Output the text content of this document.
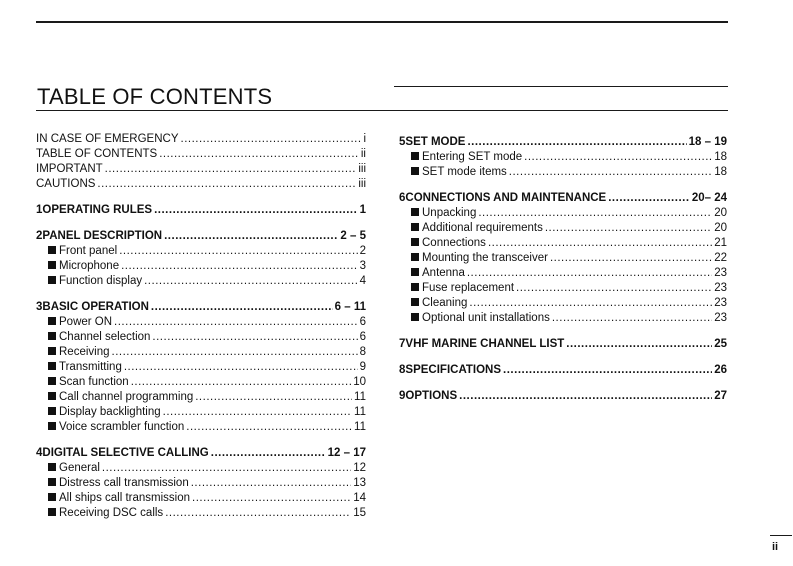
TABLE OF CONTENTS
IN CASE OF EMERGENCY .....	i
TABLE OF CONTENTS .....	ii
IMPORTANT .....	iii
CAUTIONS .....	iii
1 OPERATING RULES .....	1
2 PANEL DESCRIPTION .....	2 – 5
Front panel .....	2
Microphone .....	3
Function display .....	4
3 BASIC OPERATION .....	6 – 11
Power ON .....	6
Channel selection .....	6
Receiving .....	8
Transmitting .....	9
Scan function .....	10
Call channel programming .....	11
Display backlighting .....	11
Voice scrambler function .....	11
4 DIGITAL SELECTIVE CALLING .....	12 – 17
General .....	12
Distress call transmission .....	13
All ships call transmission .....	14
Receiving DSC calls .....	15
5 SET MODE .....	18 – 19
Entering SET mode .....	18
SET mode items .....	18
6 CONNECTIONS AND MAINTENANCE .....	20– 24
Unpacking .....	20
Additional requirements .....	20
Connections .....	21
Mounting the transceiver .....	22
Antenna .....	23
Fuse replacement .....	23
Cleaning .....	23
Optional unit installations .....	23
7 VHF MARINE CHANNEL LIST .....	25
8 SPECIFICATIONS .....	26
9 OPTIONS .....	27
ii
